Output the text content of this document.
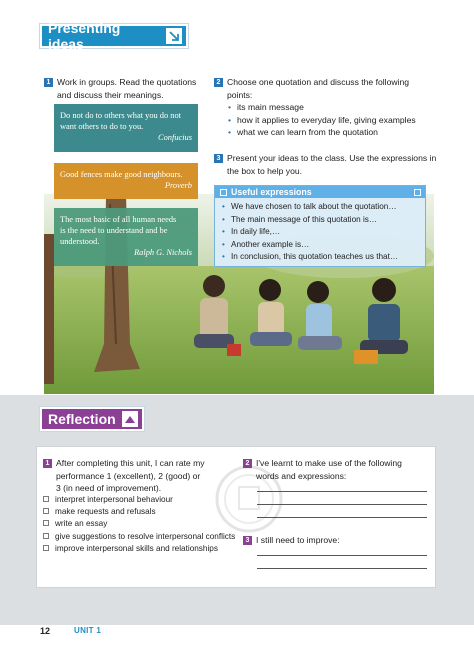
Presenting ideas
1 Work in groups. Read the quotations
and discuss their meanings.
2 Choose one quotation and discuss the following
points:
• its main message
• how it applies to everyday life, giving examples
• what we can learn from the quotation
3 Present your ideas to the class. Use the expressions in
the box to help you.
Do not do to others what you do not
want others to do to you.
Confucius
Good fences make good neighbours.
Proverb
The most basic of all human needs
is the need to understand and be
understood.
Ralph G. Nichols
Useful expressions
• We have chosen to talk about the quotation…
• The main message of this quotation is…
• In daily life,…
• Another example is…
• In conclusion, this quotation teaches us that…
Reflection
1 After completing this unit, I can rate my
performance 1 (excellent), 2 (good) or
3 (in need of improvement).
interpret interpersonal behaviour
make requests and refusals
write an essay
give suggestions to resolve interpersonal conflicts
improve interpersonal skills and relationships
2 I've learnt to make use of the following
words and expressions:
3 I still need to improve:
12	UNIT 1
